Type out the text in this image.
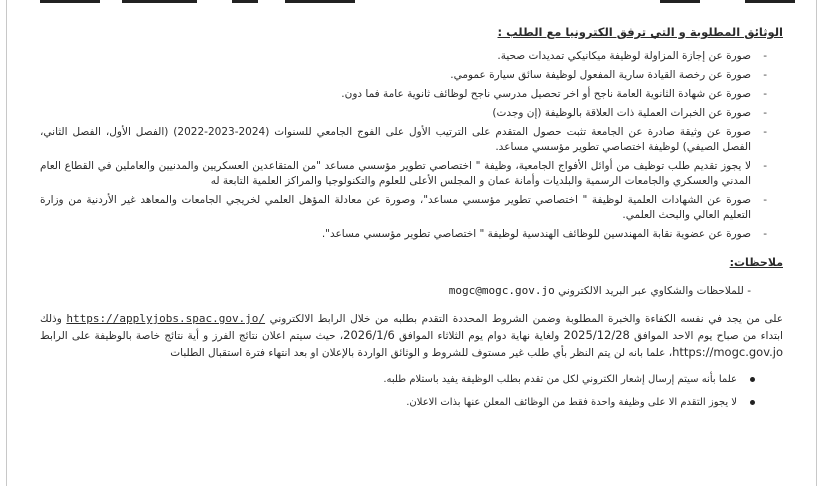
الوثائق المطلوبة و التي ترفق الكترونيا مع الطلب :
- صورة عن إجازة المزاولة لوظيفة ميكانيكي تمديدات صحية.
- صورة عن رخصة القيادة سارية المفعول لوظيفة سائق سيارة عمومي.
- صورة عن شهادة الثانوية العامة ناجح أو اخر تحصيل مدرسي ناجح لوظائف ثانوية عامة فما دون.
- صورة عن الخبرات العملية ذات العلاقة بالوظيفة (إن وجدت)
- صورة عن وثيقة صادرة عن الجامعة تثبت حصول المتقدم على الترتيب الأول على الفوج الجامعي للسنوات (2024-2023-2022) (الفصل الأول، الفصل الثاني، الفصل الصيفي) لوظيفة اختصاصي تطوير مؤسسي مساعد.
- لا يجوز تقديم طلب توظيف من أوائل الأفواج الجامعية، وظيفة " اختصاصي تطوير مؤسسي مساعد "من المتقاعدين العسكريين والمدنيين والعاملين في القطاع العام المدني والعسكري والجامعات الرسمية والبلديات وأمانة عمان و المجلس الأعلى للعلوم والتكنولوجيا والمراكز العلمية التابعة له
- صورة عن الشهادات العلمية لوظيفة " اختصاصي تطوير مؤسسي مساعد"، وصورة عن معادلة المؤهل العلمي لخريجي الجامعات والمعاهد غير الأردنية من وزارة التعليم العالي والبحث العلمي.
- صورة عن عضوية نقابة المهندسين للوظائف الهندسية لوظيفة " اختصاصي تطوير مؤسسي مساعد".
ملاحظات:
- للملاحظات والشكاوي عبر البريد الالكتروني mogc@mogc.gov.jo

على من يجد في نفسه الكفاءة والخبرة المطلوبة وضمن الشروط المحددة التقدم بطلبه من خلال الرابط الالكتروني https://applyjobs.spac.gov.jo/ وذلك ابتداء من صباح يوم الاحد الموافق 2025/12/28 ولغاية نهاية دوام يوم الثلاثاء الموافق 2026/1/6، حيث سيتم اعلان نتائج الفرز و أية نتائج خاصة بالوظيفة على الرابط https://mogc.gov.jo، علما بانه لن يتم النظر بأي طلب غير مستوف للشروط و الوثائق الواردة بالإعلان او بعد انتهاء فترة استقبال الطلبات

علما بأنه سيتم إرسال إشعار الكتروني لكل من تقدم بطلب الوظيفة يفيد باستلام طلبه.
لا يجوز التقدم الا على وظيفة واحدة فقط من الوظائف المعلن عنها بذات الاعلان.
